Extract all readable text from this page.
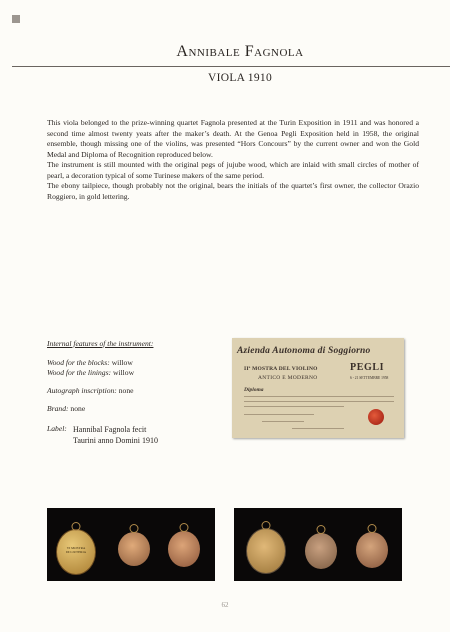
Annibale Fagnola
VIOLA 1910

This viola belonged to the prize-winning quartet Fagnola presented at the Turin Exposition in 1911 and was honored a second time almost twenty yeats after the maker’s death. At the Genoa Pegli Exposition held in 1958, the original ensemble, though missing one of the violins, was presented “Hors Concours” by the current owner and won the Gold Medal and Diploma of Recognition reproduced below.

The instrument is still mounted with the original pegs of jujube wood, which are inlaid with small circles of mother of pearl, a decoration typical of some Turinese makers of the same period.

The ebony tailpiece, though probably not the original, bears the initials of the quartet’s first owner, the collector Orazio Roggiero, in gold lettering.

Internal features of the instrument:
Wood for the blocks: willow
Wood for the linings: willow
Autograph inscription: none
Brand: none
Label: Hannibal Fagnola fecit
Taurini anno Domini 1910
Azienda Autonoma di Soggiorno
IIª MOSTRA DEL VIOLINO	PEGLI
ANTICO E MODERNO	6 - 21 SETTEMBRE 1958
Diploma
VI MOSTRA
DI LIUTERIA
62
